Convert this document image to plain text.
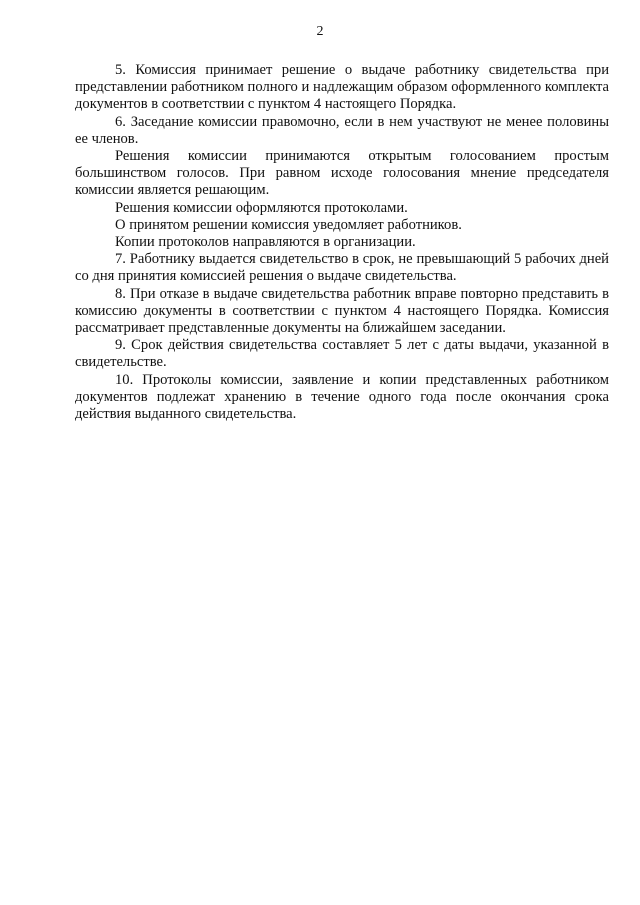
2

5. Комиссия принимает решение о выдаче работнику свидетельства при представлении работником полного и надлежащим образом оформленного комплекта документов в соответствии с пунктом 4 настоящего Порядка.

6. Заседание комиссии правомочно, если в нем участвуют не менее половины ее членов.

Решения комиссии принимаются открытым голосованием простым большинством голосов. При равном исходе голосования мнение председателя комиссии является решающим.

Решения комиссии оформляются протоколами.

О принятом решении комиссия уведомляет работников.

Копии протоколов направляются в организации.

7. Работнику выдается свидетельство в срок, не превышающий 5 рабочих дней со дня принятия комиссией решения о выдаче свидетельства.

8. При отказе в выдаче свидетельства работник вправе повторно представить в комиссию документы в соответствии с пунктом 4 настоящего Порядка. Комиссия рассматривает представленные документы на ближайшем заседании.

9. Срок действия свидетельства составляет 5 лет с даты выдачи, указанной в свидетельстве.

10. Протоколы комиссии, заявление и копии представленных работником документов подлежат хранению в течение одного года после окончания срока действия выданного свидетельства.
